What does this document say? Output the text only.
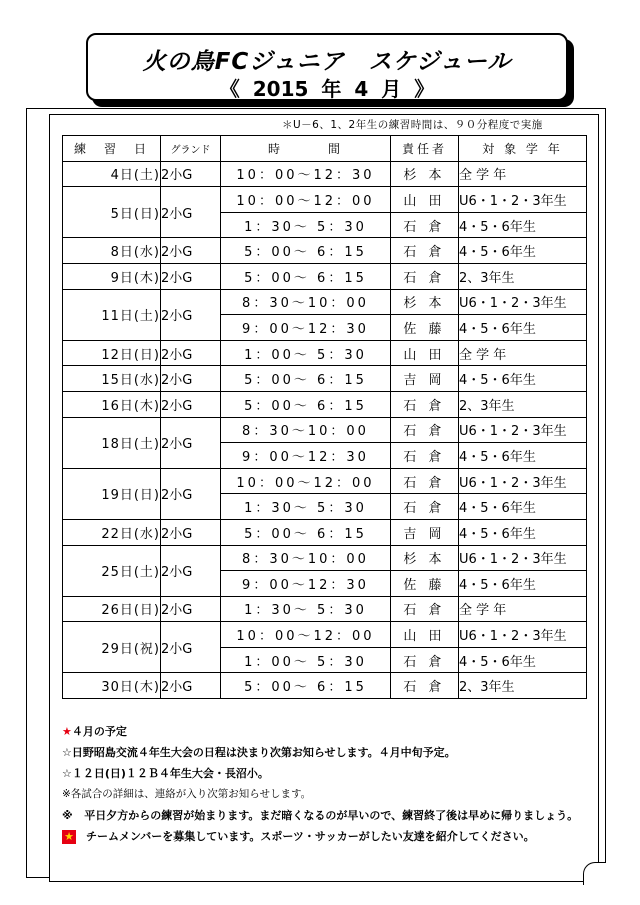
火の鳥FCジュニア　スケジュール
《 2015 年 4 月 》
＊U－6、1、2年生の練習時間は、９０分程度で実施
練　習　日	グランド	時　　　間	責任者	対 象 学 年
4日(土)	2小G	10：00～12：30	杉 本	全 学 年
5日(日)	2小G	10：00～12：00	山 田	U6・1・2・3年生
		1：30～ 5：30	石 倉	4・5・6年生
8日(水)	2小G	5：00～ 6：15	石 倉	4・5・6年生
9日(木)	2小G	5：00～ 6：15	石 倉	2、3年生
11日(土)	2小G	8：30～10：00	杉 本	U6・1・2・3年生
		9：00～12：30	佐 藤	4・5・6年生
12日(日)	2小G	1：00～ 5：30	山 田	全 学 年
15日(水)	2小G	5：00～ 6：15	吉 岡	4・5・6年生
16日(木)	2小G	5：00～ 6：15	石 倉	2、3年生
18日(土)	2小G	8：30～10：00	石 倉	U6・1・2・3年生
		9：00～12：30	石 倉	4・5・6年生
19日(日)	2小G	10：00～12：00	石 倉	U6・1・2・3年生
		1：30～ 5：30	石 倉	4・5・6年生
22日(水)	2小G	5：00～ 6：15	吉 岡	4・5・6年生
25日(土)	2小G	8：30～10：00	杉 本	U6・1・2・3年生
		9：00～12：30	佐 藤	4・5・6年生
26日(日)	2小G	1：30～ 5：30	石 倉	全 学 年
29日(祝)	2小G	10：00～12：00	山 田	U6・1・2・3年生
		1：00～ 5：30	石 倉	4・5・6年生
30日(木)	2小G	5：00～ 6：15	石 倉	2、3年生
★４月の予定
☆日野昭島交流４年生大会の日程は決まり次第お知らせします。４月中旬予定。
☆１２日(日)１２Ｂ４年生大会・長沼小。
※各試合の詳細は、連絡が入り次第お知らせします。
※ 平日夕方からの練習が始まります。まだ暗くなるのが早いので、練習終了後は早めに帰りましょう。
★ チームメンバーを募集しています。スポーツ・サッカーがしたい友達を紹介してください。
